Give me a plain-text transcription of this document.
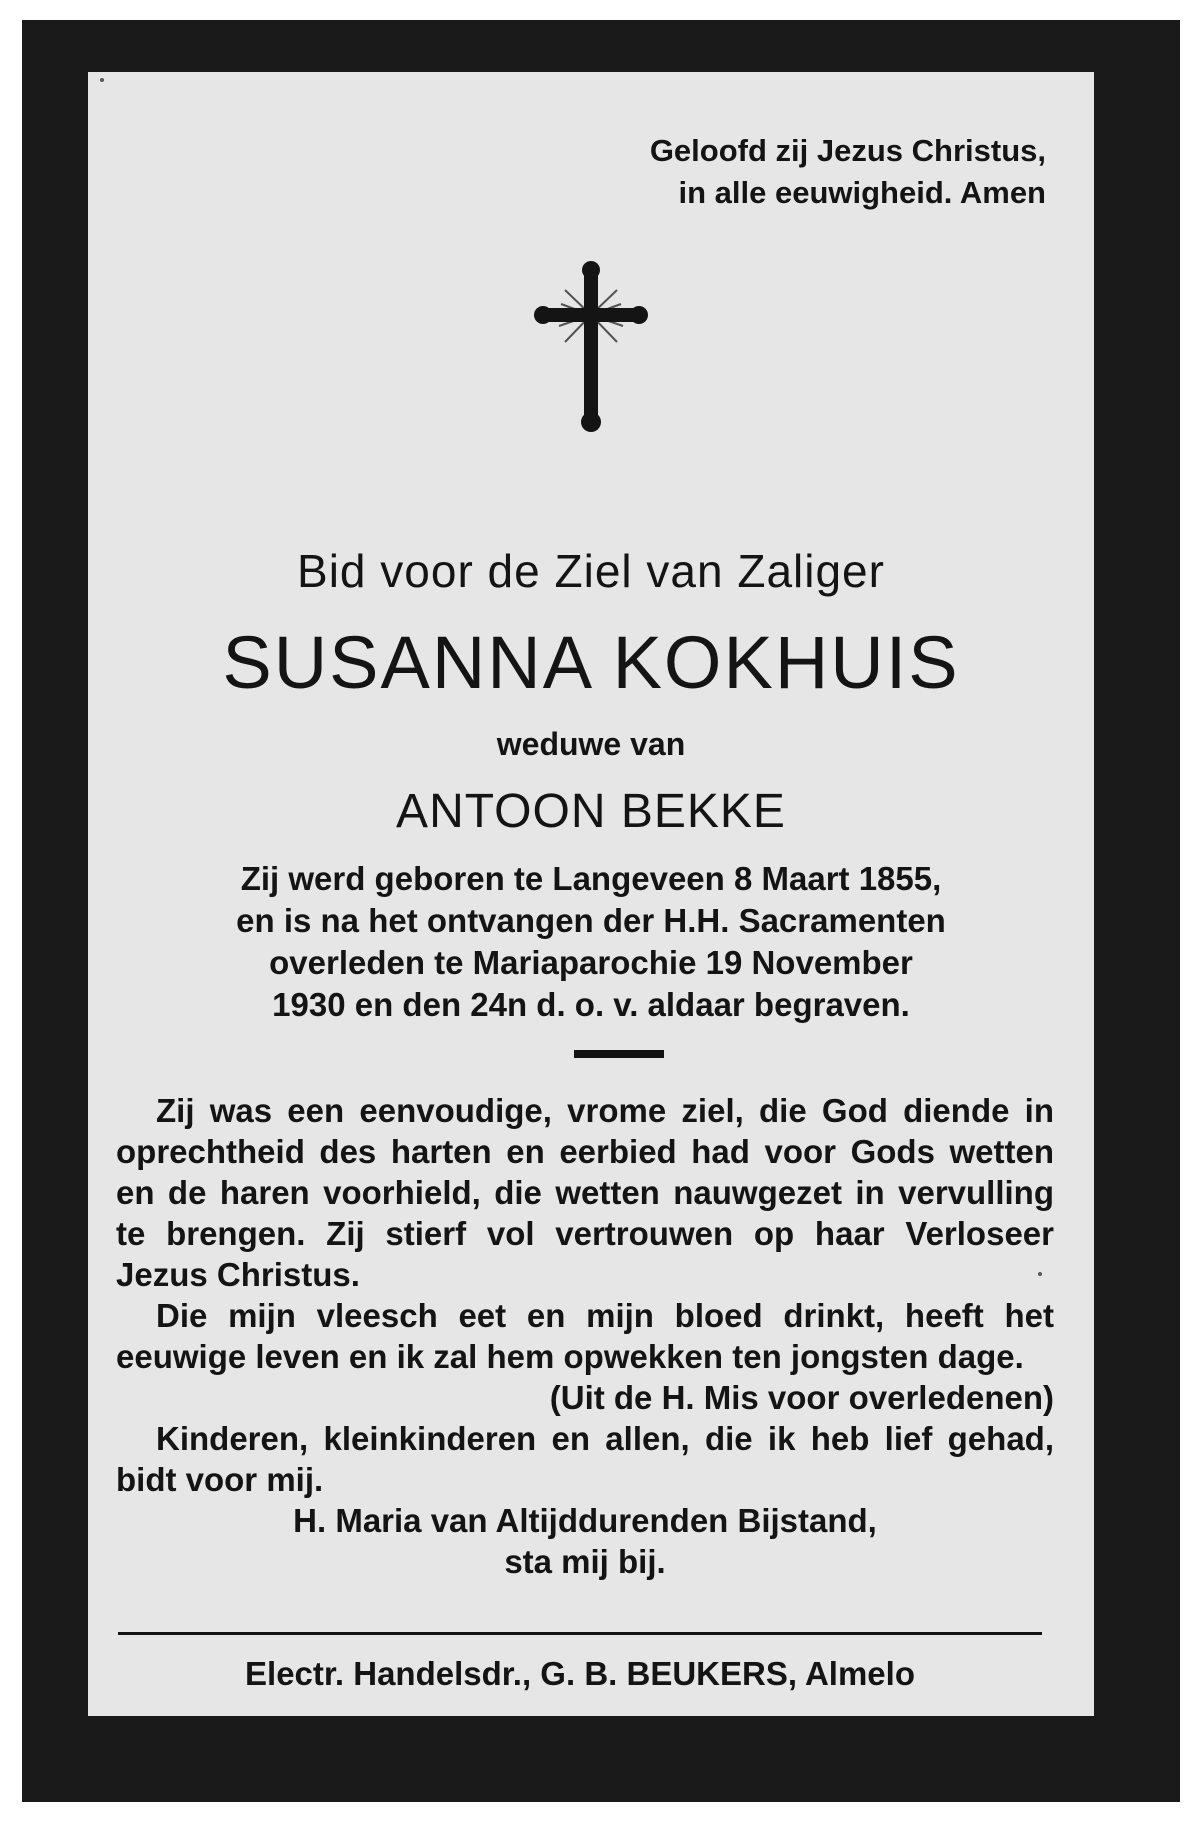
Geloofd zij Jezus Christus,
in alle eeuwigheid. Amen
Bid voor de Ziel van Zaliger
SUSANNA KOKHUIS
weduwe van
ANTOON BEKKE
Zij werd geboren te Langeveen 8 Maart 1855,
en is na het ontvangen der H.H. Sacramenten
overleden te Mariaparochie 19 November
1930 en den 24n d. o. v. aldaar begraven.

Zij was een eenvoudige, vrome ziel, die God diende in oprechtheid des harten en eerbied had voor Gods wetten en de haren voorhield, die wetten nauwgezet in vervulling te brengen. Zij stierf vol vertrouwen op haar Verloseer Jezus Christus.

Die mijn vleesch eet en mijn bloed drinkt, heeft het eeuwige leven en ik zal hem opwekken ten jongsten dage.

(Uit de H. Mis voor overledenen)

Kinderen, kleinkinderen en allen, die ik heb lief gehad, bidt voor mij.

H. Maria van Altijddurenden Bijstand,

sta mij bij.

Electr. Handelsdr., G. B. BEUKERS, Almelo
